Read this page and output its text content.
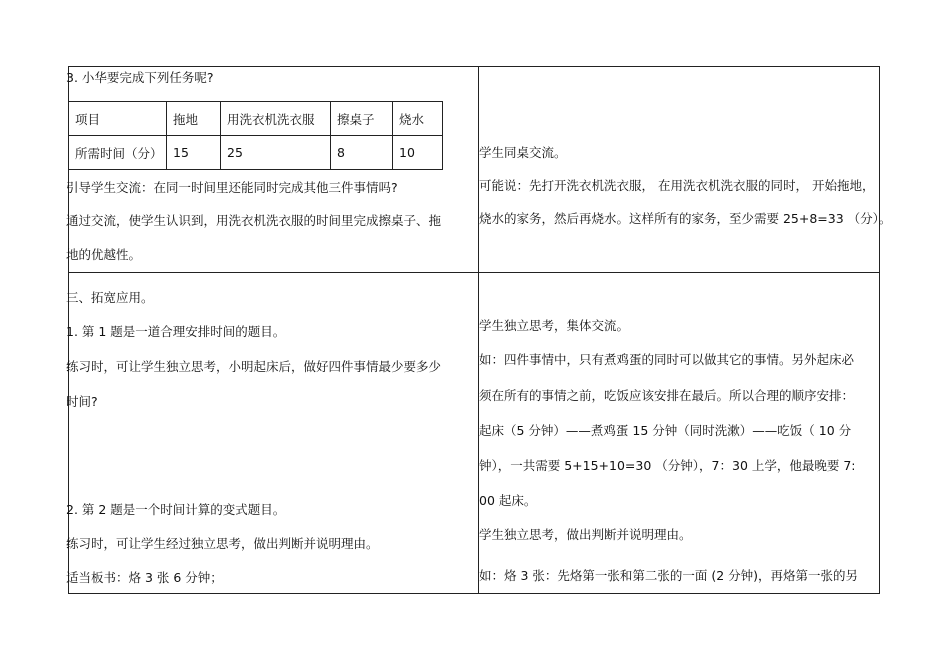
3. 小华要完成下列任务呢?
项目	拖地	用洗衣机洗衣服	擦桌子	烧水
所需时间（分）	15	25	8	10
引导学生交流：在同一时间里还能同时完成其他三件事情吗?
通过交流，使学生认识到，用洗衣机洗衣服的时间里完成擦桌子、拖
地的优越性。
学生同桌交流。
可能说：先打开洗衣机洗衣服， 在用洗衣机洗衣服的同时， 开始拖地，
烧水的家务，然后再烧水。这样所有的家务，至少需要 25+8=33 （分）。
三、拓宽应用。
1. 第 1 题是一道合理安排时间的题目。
练习时，可让学生独立思考，小明起床后，做好四件事情最少要多少
时间?
2. 第 2 题是一个时间计算的变式题目。
练习时，可让学生经过独立思考，做出判断并说明理由。
适当板书：烙 3 张 6 分钟；
学生独立思考，集体交流。
如：四件事情中，只有煮鸡蛋的同时可以做其它的事情。另外起床必
须在所有的事情之前，吃饭应该安排在最后。所以合理的顺序安排：
起床（5 分钟）——煮鸡蛋 15 分钟（同时洗漱）——吃饭（ 10 分
钟），一共需要 5+15+10=30 （分钟），7：30 上学，他最晚要 7:
00 起床。
学生独立思考，做出判断并说明理由。
如：烙 3 张：先烙第一张和第二张的一面 (2 分钟)，再烙第一张的另
